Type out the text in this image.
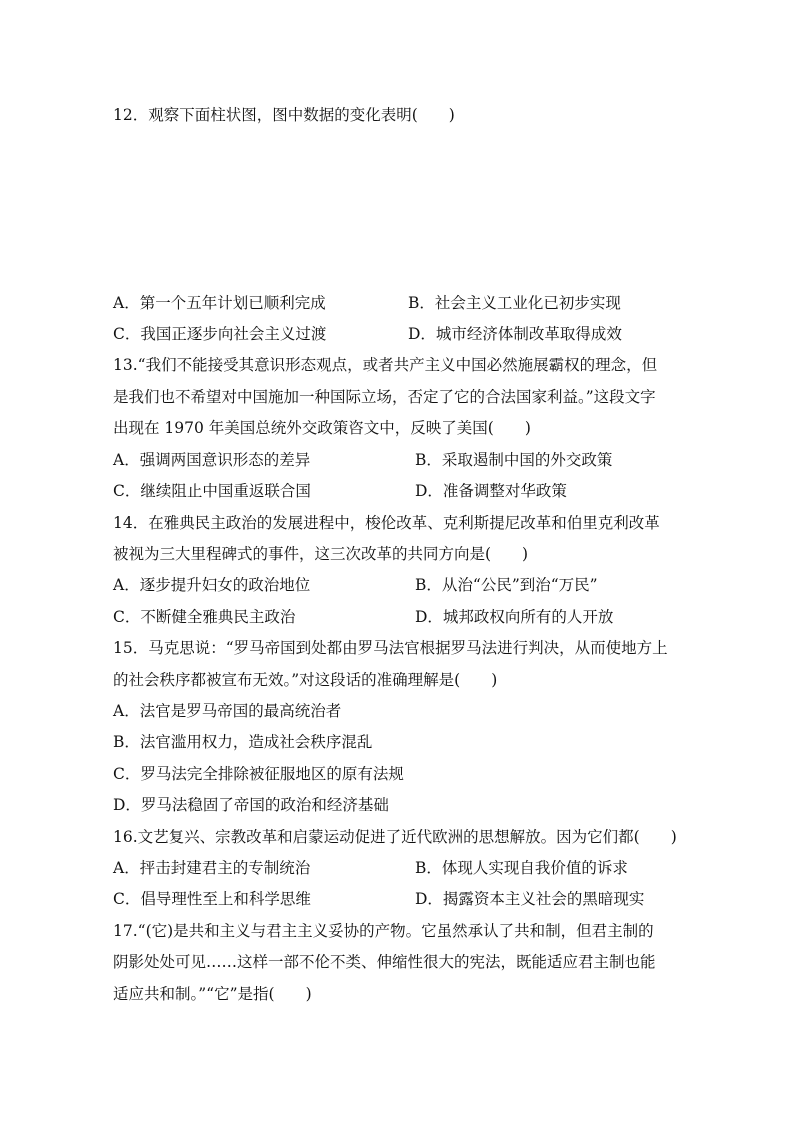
12．观察下面柱状图，图中数据的变化表明(　　)
A．第一个五年计划已顺利完成	B．社会主义工业化已初步实现
C．我国正逐步向社会主义过渡	D．城市经济体制改革取得成效
13.“我们不能接受其意识形态观点，或者共产主义中国必然施展霸权的理念，但
是我们也不希望对中国施加一种国际立场，否定了它的合法国家利益。”这段文字
出现在 1970 年美国总统外交政策咨文中，反映了美国(　　)
A．强调两国意识形态的差异	B．采取遏制中国的外交政策
C．继续阻止中国重返联合国	D．准备调整对华政策
14．在雅典民主政治的发展进程中，梭伦改革、克利斯提尼改革和伯里克利改革
被视为三大里程碑式的事件，这三次改革的共同方向是(　　)
A．逐步提升妇女的政治地位	B．从治“公民”到治“万民”
C．不断健全雅典民主政治	D．城邦政权向所有的人开放
15．马克思说：“罗马帝国到处都由罗马法官根据罗马法进行判决，从而使地方上
的社会秩序都被宣布无效。”对这段话的准确理解是(　　)
A．法官是罗马帝国的最高统治者
B．法官滥用权力，造成社会秩序混乱
C．罗马法完全排除被征服地区的原有法规
D．罗马法稳固了帝国的政治和经济基础
16.文艺复兴、宗教改革和启蒙运动促进了近代欧洲的思想解放。因为它们都(　　)
A．抨击封建君主的专制统治	B．体现人实现自我价值的诉求
C．倡导理性至上和科学思维	D．揭露资本主义社会的黑暗现实
17.“(它)是共和主义与君主主义妥协的产物。它虽然承认了共和制，但君主制的
阴影处处可见……这样一部不伦不类、伸缩性很大的宪法，既能适应君主制也能
适应共和制。”“它”是指(　　)
